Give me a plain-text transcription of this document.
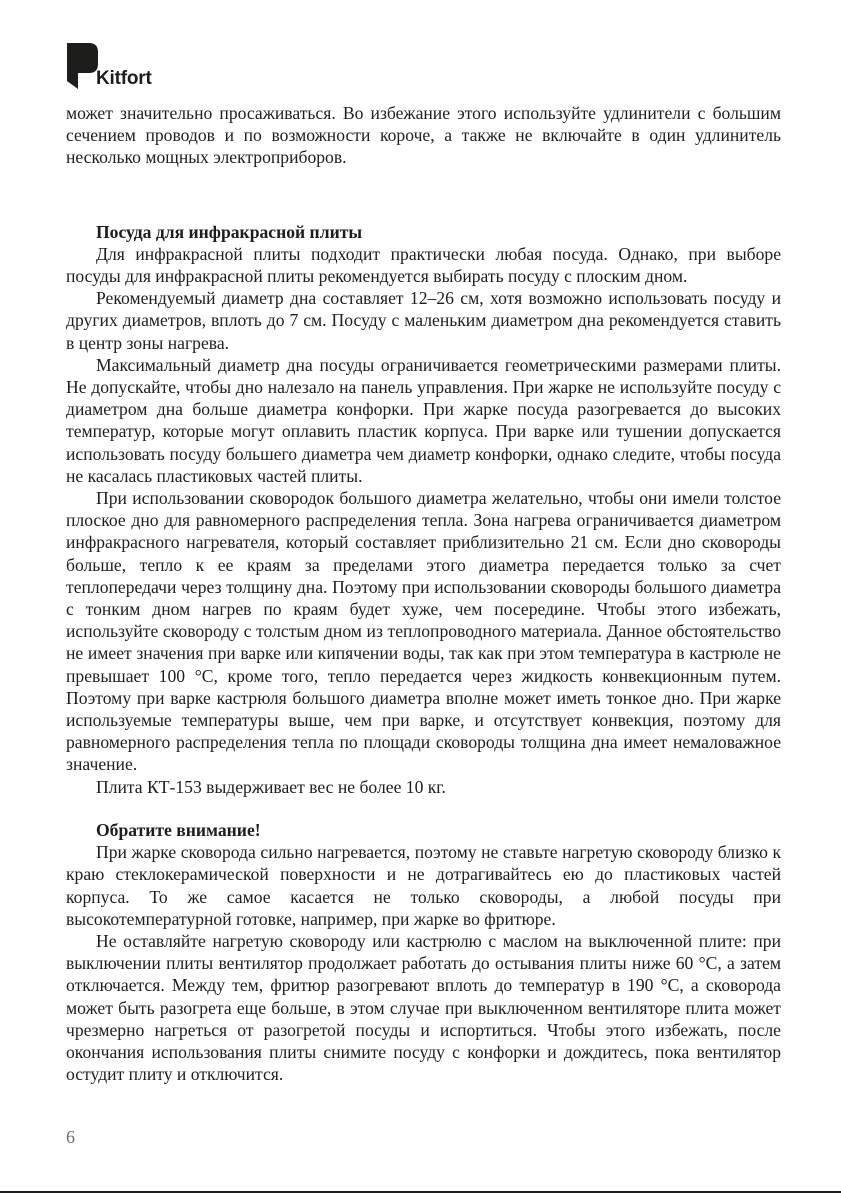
Kitfort

может значительно просаживаться. Во избежание этого используйте удлинители с большим сечением проводов и по возможности короче, а также не включайте в один удлинитель несколько мощных электроприборов.

Посуда для инфракрасной плиты

Для инфракрасной плиты подходит практически любая посуда. Однако, при выборе посуды для инфракрасной плиты рекомендуется выбирать посуду с плоским дном.

Рекомендуемый диаметр дна составляет 12–26 см, хотя возможно использовать посуду и других диаметров, вплоть до 7 см. Посуду с маленьким диаметром дна рекомендуется ставить в центр зоны нагрева.

Максимальный диаметр дна посуды ограничивается геометрическими размерами плиты. Не допускайте, чтобы дно налезало на панель управления. При жарке не используйте посуду с диаметром дна больше диаметра конфорки. При жарке посуда разогревается до высоких температур, которые могут оплавить пластик корпуса. При варке или тушении допускается использовать посуду большего диаметра чем диаметр конфорки, однако следите, чтобы посуда не касалась пластиковых частей плиты.

При использовании сковородок большого диаметра желательно, чтобы они имели толстое плоское дно для равномерного распределения тепла. Зона нагрева ограничивается диаметром инфракрасного нагревателя, который составляет приблизительно 21 см. Если дно сковороды больше, тепло к ее краям за пределами этого диаметра передается только за счет теплопередачи через толщину дна. Поэтому при использовании сковороды большого диаметра с тонким дном нагрев по краям будет хуже, чем посередине. Чтобы этого избежать, используйте сковороду с толстым дном из теплопроводного материала. Данное обстоятельство не имеет значения при варке или кипячении воды, так как при этом температура в кастрюле не превышает 100 °C, кроме того, тепло передается через жидкость конвекционным путем. Поэтому при варке кастрюля большого диаметра вполне может иметь тонкое дно. При жарке используемые температуры выше, чем при варке, и отсутствует конвекция, поэтому для равномерного распределения тепла по площади сковороды толщина дна имеет немаловажное значение.

Плита КТ-153 выдерживает вес не более 10 кг.

Обратите внимание!

При жарке сковорода сильно нагревается, поэтому не ставьте нагретую сковороду близко к краю стеклокерамической поверхности и не дотрагивайтесь ею до пластиковых частей корпуса. То же самое касается не только сковороды, а любой посуды при высокотемпературной готовке, например, при жарке во фритюре.

Не оставляйте нагретую сковороду или кастрюлю с маслом на выключенной плите: при выключении плиты вентилятор продолжает работать до остывания плиты ниже 60 °C, а затем отключается. Между тем, фритюр разогревают вплоть до температур в 190 °C, а сковорода может быть разогрета еще больше, в этом случае при выключенном вентиляторе плита может чрезмерно нагреться от разогретой посуды и испортиться. Чтобы этого избежать, после окончания использования плиты снимите посуду с конфорки и дождитесь, пока вентилятор остудит плиту и отключится.

6
